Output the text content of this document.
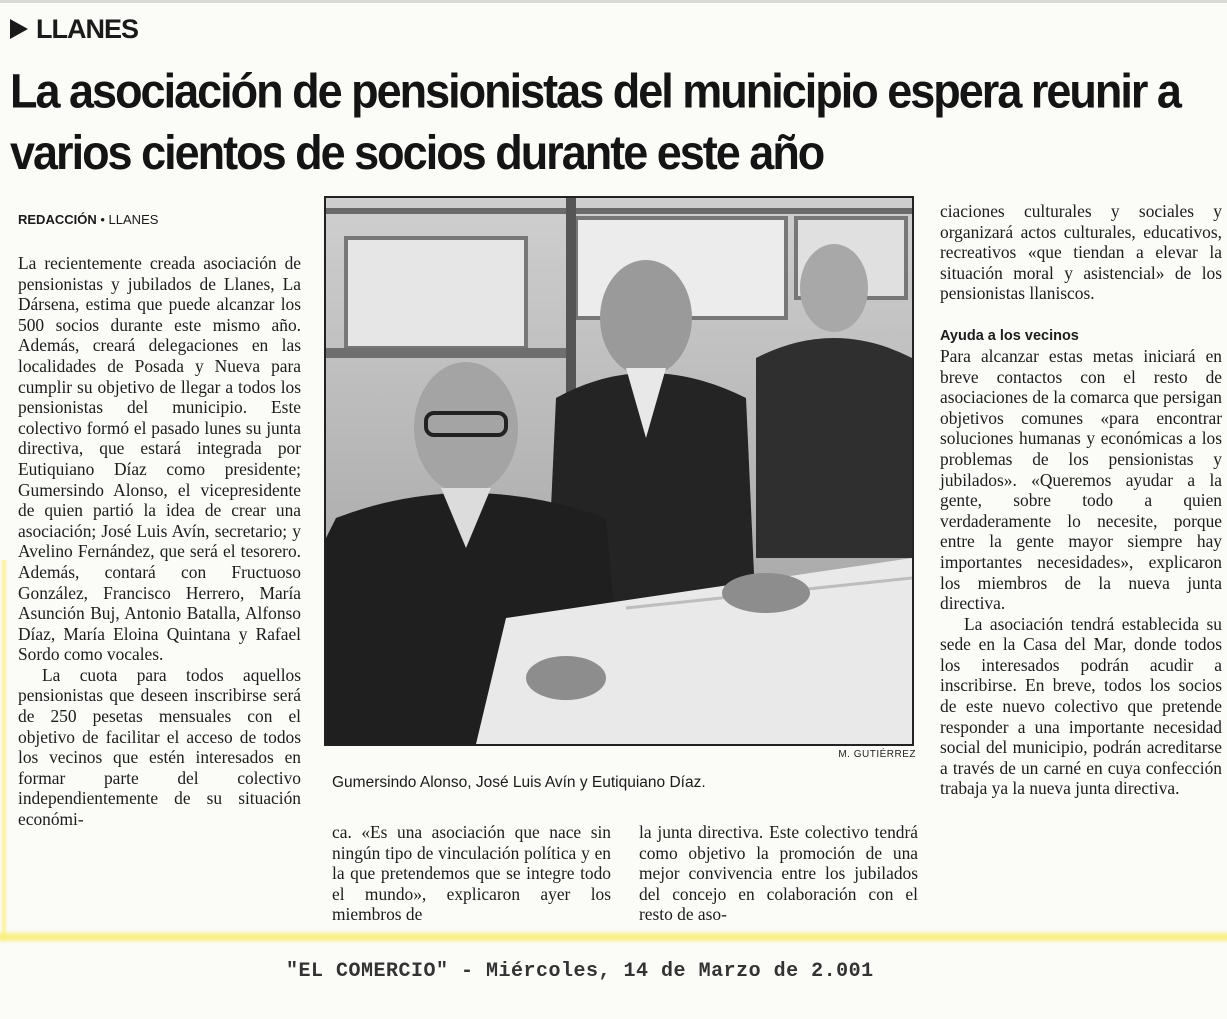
LLANES
La asociación de pensionistas del municipio espera reunir a varios cientos de socios durante este año
REDACCIÓN • LLANES

La recientemente creada asociación de pensionistas y jubilados de Llanes, La Dársena, estima que puede alcanzar los 500 socios durante este mismo año. Además, creará delegaciones en las localidades de Posada y Nueva para cumplir su objetivo de llegar a todos los pensionistas del municipio. Este colectivo formó el pasado lunes su junta directiva, que estará integrada por Eutiquiano Díaz como presidente; Gumersindo Alonso, el vicepresidente de quien partió la idea de crear una asociación; José Luis Avín, secretario; y Avelino Fernández, que será el tesorero. Además, contará con Fructuoso González, Francisco Herrero, María Asunción Buj, Antonio Batalla, Alfonso Díaz, María Eloina Quintana y Rafael Sordo como vocales.

La cuota para todos aquellos pensionistas que deseen inscribirse será de 250 pesetas mensuales con el objetivo de facilitar el acceso de todos los vecinos que estén interesados en formar parte del colectivo independientemente de su situación económi-

M. GUTIÉRREZ
Gumersindo Alonso, José Luis Avín y Eutiquiano Díaz.

ca. «Es una asociación que nace sin ningún tipo de vinculación política y en la que pretendemos que se integre todo el mundo», explicaron ayer los miembros de

la junta directiva. Este colectivo tendrá como objetivo la promoción de una mejor convivencia entre los jubilados del concejo en colaboración con el resto de aso-

ciaciones culturales y sociales y organizará actos culturales, educativos, recreativos «que tiendan a elevar la situación moral y asistencial» de los pensionistas llaniscos.

Ayuda a los vecinos

Para alcanzar estas metas iniciará en breve contactos con el resto de asociaciones de la comarca que persigan objetivos comunes «para encontrar soluciones humanas y económicas a los problemas de los pensionistas y jubilados». «Queremos ayudar a la gente, sobre todo a quien verdaderamente lo necesite, porque entre la gente mayor siempre hay importantes necesidades», explicaron los miembros de la nueva junta directiva.

La asociación tendrá establecida su sede en la Casa del Mar, donde todos los interesados podrán acudir a inscribirse. En breve, todos los socios de este nuevo colectivo que pretende responder a una importante necesidad social del municipio, podrán acreditarse a través de un carné en cuya confección trabaja ya la nueva junta directiva.

"EL COMERCIO" - Miércoles, 14 de Marzo de 2.001
